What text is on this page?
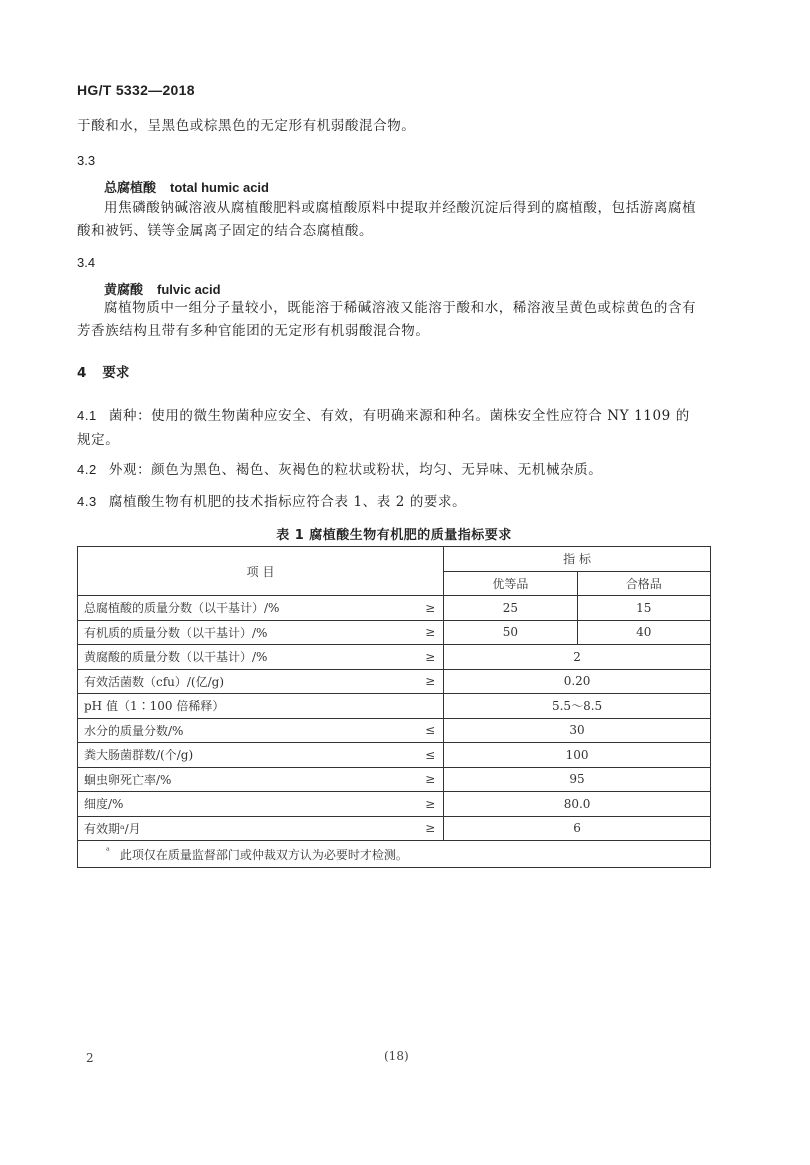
HG/T 5332—2018
于酸和水，呈黑色或棕黑色的无定形有机弱酸混合物。
3.3
总腐植酸 total humic acid
用焦磷酸钠碱溶液从腐植酸肥料或腐植酸原料中提取并经酸沉淀后得到的腐植酸，包括游离腐植
酸和被钙、镁等金属离子固定的结合态腐植酸。
3.4
黄腐酸 fulvic acid
腐植物质中一组分子量较小，既能溶于稀碱溶液又能溶于酸和水，稀溶液呈黄色或棕黄色的含有
芳香族结构且带有多种官能团的无定形有机弱酸混合物。
4 要求
4.1 菌种：使用的微生物菌种应安全、有效，有明确来源和种名。菌株安全性应符合 NY 1109 的
规定。
4.2 外观：颜色为黑色、褐色、灰褐色的粒状或粉状，均匀、无异味、无机械杂质。
4.3 腐植酸生物有机肥的技术指标应符合表 1、表 2 的要求。
表 1 腐植酸生物有机肥的质量指标要求
项 目		指 标	
		优等品	合格品
总腐植酸的质量分数（以干基计）/%	≥	25	15
有机质的质量分数（以干基计）/%	≥	50	40
黄腐酸的质量分数（以干基计）/%	≥	2	
有效活菌数（cfu）/(亿/g)	≥	0.20	
pH 值（1∶100 倍稀释）		5.5～8.5	
水分的质量分数/%	≤	30	
粪大肠菌群数/(个/g)	≤	100	
蛔虫卵死亡率/%	≥	95	
细度/%	≥	80.0	
有效期ᵃ/月	≥	6	
$^ᵃ$ 此项仅在质量监督部门或仲裁双方认为必要时才检测。			
2	(18)
